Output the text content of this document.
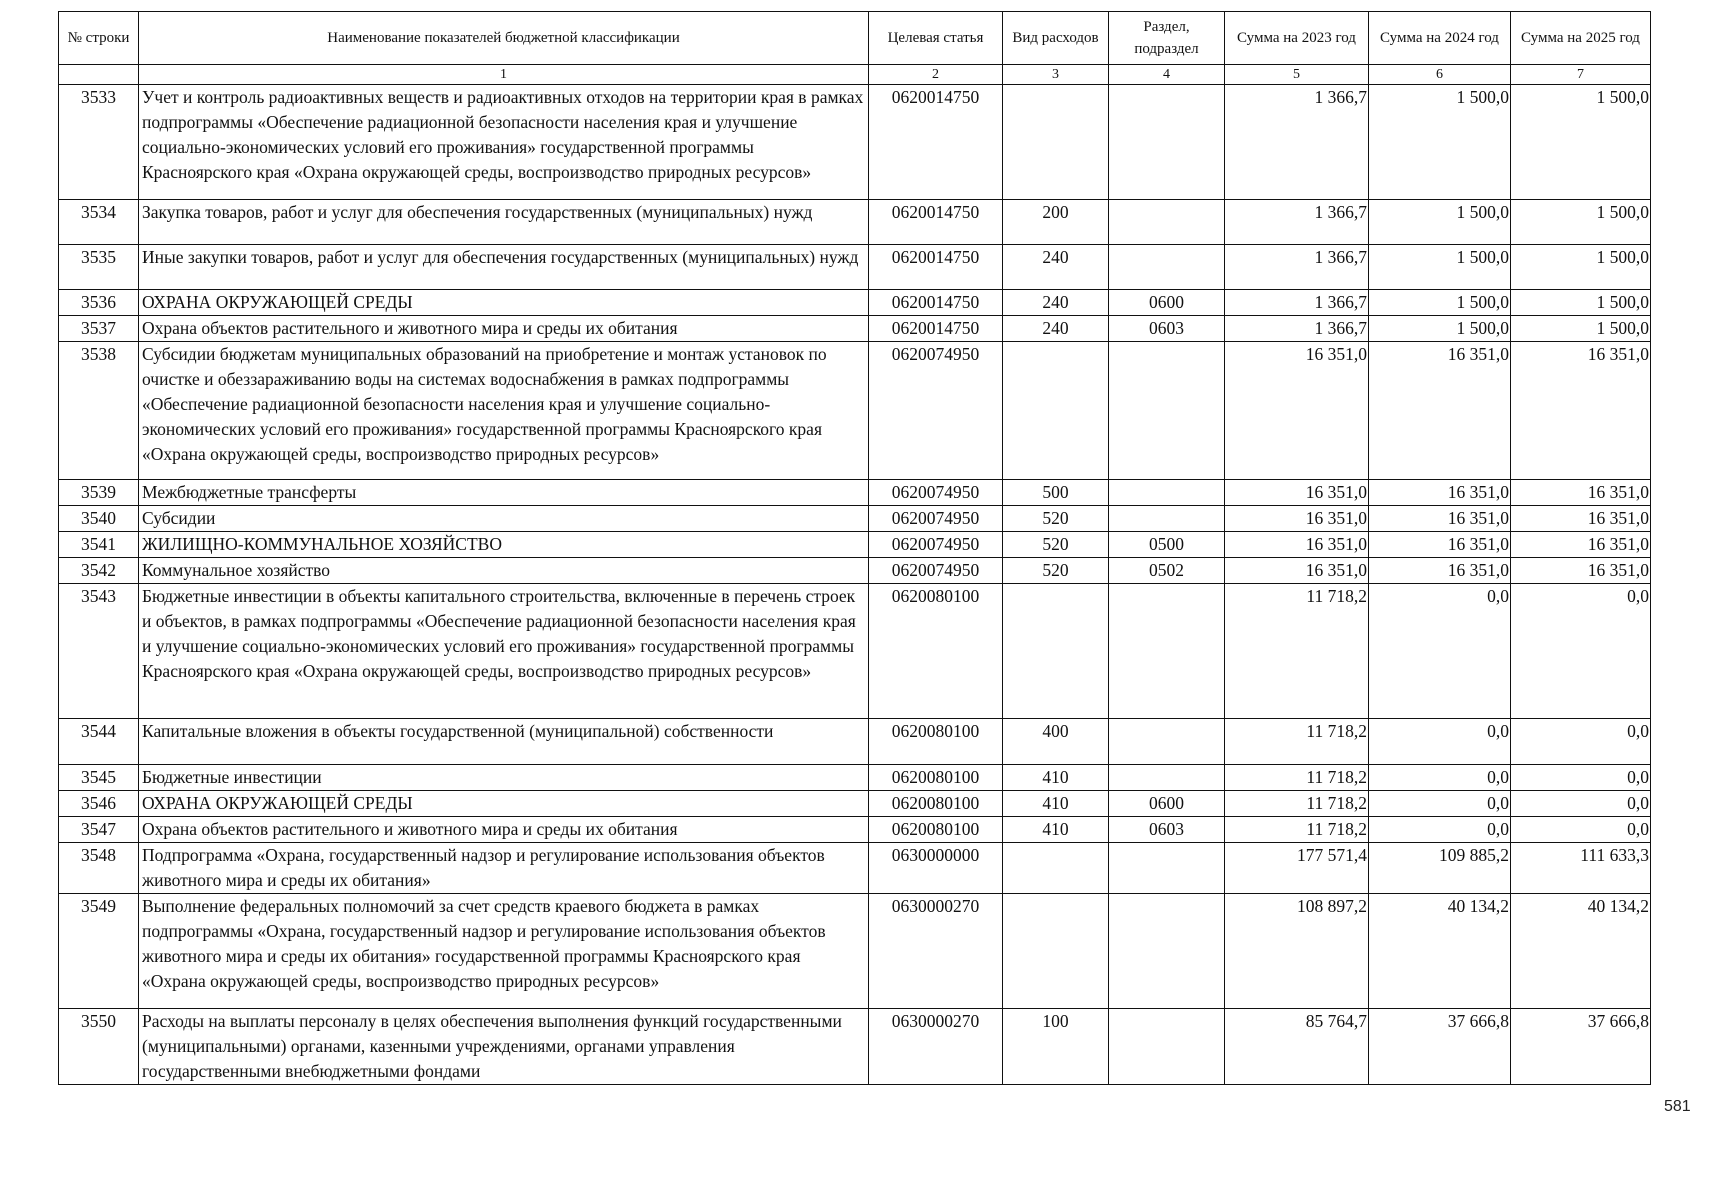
№ строки	Наименование показателей бюджетной классификации	Целевая статья	Вид расходов	Раздел, подраздел	Сумма на 2023 год	Сумма на 2024 год	Сумма на 2025 год
	1	2	3	4	5	6	7
3533	Учет и контроль радиоактивных веществ и радиоактивных отходов на территории края в рамках подпрограммы «Обеспечение радиационной безопасности населения края и улучшение социально-экономических условий его проживания» государственной программы Красноярского края «Охрана окружающей среды, воспроизводство природных ресурсов»	0620014750			1 366,7	1 500,0	1 500,0
3534	Закупка товаров, работ и услуг для обеспечения государственных (муниципальных) нужд	0620014750	200		1 366,7	1 500,0	1 500,0
3535	Иные закупки товаров, работ и услуг для обеспечения государственных (муниципальных) нужд	0620014750	240		1 366,7	1 500,0	1 500,0
3536	ОХРАНА ОКРУЖАЮЩЕЙ СРЕДЫ	0620014750	240	0600	1 366,7	1 500,0	1 500,0
3537	Охрана объектов растительного и животного мира и среды их обитания	0620014750	240	0603	1 366,7	1 500,0	1 500,0
3538	Субсидии бюджетам муниципальных образований на приобретение и монтаж установок по очистке и обеззараживанию воды на системах водоснабжения в рамках подпрограммы «Обеспечение радиационной безопасности населения края и улучшение социально-экономических условий его проживания» государственной программы Красноярского края «Охрана окружающей среды, воспроизводство природных ресурсов»	0620074950			16 351,0	16 351,0	16 351,0
3539	Межбюджетные трансферты	0620074950	500		16 351,0	16 351,0	16 351,0
3540	Субсидии	0620074950	520		16 351,0	16 351,0	16 351,0
3541	ЖИЛИЩНО-КОММУНАЛЬНОЕ ХОЗЯЙСТВО	0620074950	520	0500	16 351,0	16 351,0	16 351,0
3542	Коммунальное хозяйство	0620074950	520	0502	16 351,0	16 351,0	16 351,0
3543	Бюджетные инвестиции в объекты капитального строительства, включенные в перечень строек и объектов, в рамках подпрограммы «Обеспечение радиационной безопасности населения края и улучшение социально-экономических условий его проживания» государственной программы Красноярского края «Охрана окружающей среды, воспроизводство природных ресурсов»	0620080100			11 718,2	0,0	0,0
3544	Капитальные вложения в объекты государственной (муниципальной) собственности	0620080100	400		11 718,2	0,0	0,0
3545	Бюджетные инвестиции	0620080100	410		11 718,2	0,0	0,0
3546	ОХРАНА ОКРУЖАЮЩЕЙ СРЕДЫ	0620080100	410	0600	11 718,2	0,0	0,0
3547	Охрана объектов растительного и животного мира и среды их обитания	0620080100	410	0603	11 718,2	0,0	0,0
3548	Подпрограмма «Охрана, государственный надзор и регулирование использования объектов животного мира и среды их обитания»	0630000000			177 571,4	109 885,2	111 633,3
3549	Выполнение федеральных полномочий за счет средств краевого бюджета в рамках подпрограммы «Охрана, государственный надзор и регулирование использования объектов животного мира и среды их обитания» государственной программы Красноярского края «Охрана окружающей среды, воспроизводство природных ресурсов»	0630000270			108 897,2	40 134,2	40 134,2
3550	Расходы на выплаты персоналу в целях обеспечения выполнения функций государственными (муниципальными) органами, казенными учреждениями, органами управления государственными внебюджетными фондами	0630000270	100		85 764,7	37 666,8	37 666,8
581
